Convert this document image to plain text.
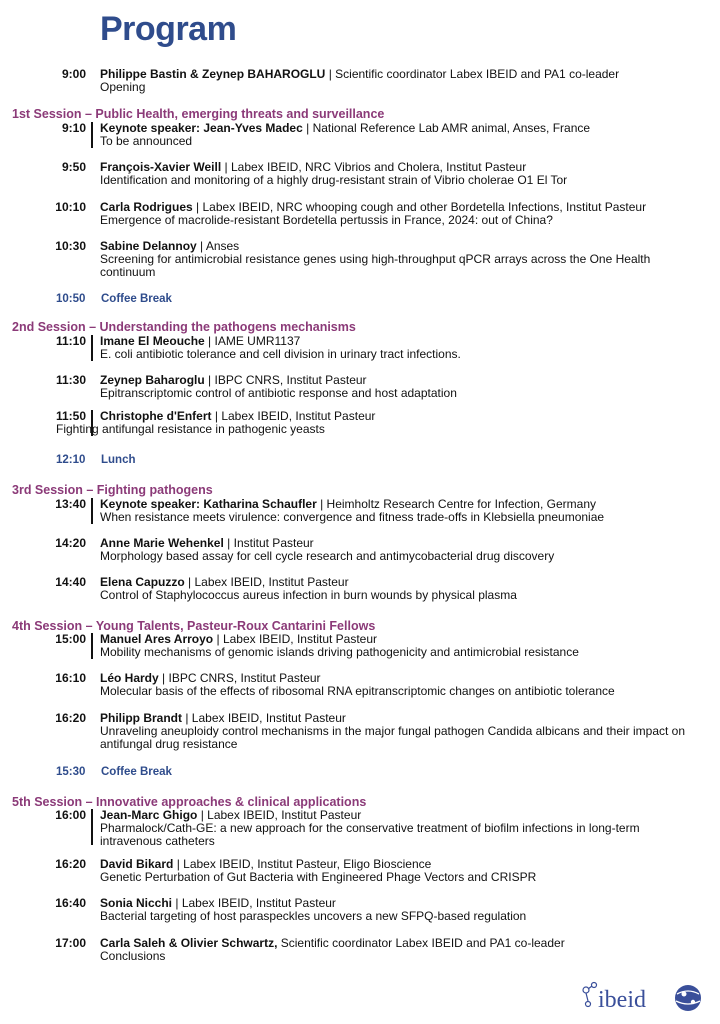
Program
9:00 Philippe Bastin & Zeynep BAHAROGLU | Scientific coordinator Labex IBEID and PA1 co-leader
Opening

1st Session – Public Health, emerging threats and surveillance

9:10 Keynote speaker: Jean-Yves Madec | National Reference Lab AMR animal, Anses, France
To be announced
9:50 François-Xavier Weill | Labex IBEID, NRC Vibrios and Cholera, Institut Pasteur
Identification and monitoring of a highly drug-resistant strain of Vibrio cholerae O1 El Tor
10:10 Carla Rodrigues | Labex IBEID, NRC whooping cough and other Bordetella Infections, Institut Pasteur
Emergence of macrolide-resistant Bordetella pertussis in France, 2024: out of China?
10:30 Sabine Delannoy | Anses
Screening for antimicrobial resistance genes using high-throughput qPCR arrays across the One Health continuum
10:50 Coffee Break

2nd Session – Understanding the pathogens mechanisms

11:10 Imane El Meouche | IAME UMR1137
E. coli antibiotic tolerance and cell division in urinary tract infections.
11:30 Zeynep Baharoglu | IBPC CNRS, Institut Pasteur
Epitranscriptomic control of antibiotic response and host adaptation
11:50 Christophe d'Enfert | Labex IBEID, Institut Pasteur
Fighting antifungal resistance in pathogenic yeasts
12:10 Lunch

3rd Session – Fighting pathogens

13:40 Keynote speaker: Katharina Schaufler | Heimholtz Research Centre for Infection, Germany
When resistance meets virulence: convergence and fitness trade-offs in Klebsiella pneumoniae
14:20 Anne Marie Wehenkel | Institut Pasteur
Morphology based assay for cell cycle research and antimycobacterial drug discovery
14:40 Elena Capuzzo | Labex IBEID, Institut Pasteur
Control of Staphylococcus aureus infection in burn wounds by physical plasma

4th Session – Young Talents, Pasteur-Roux Cantarini Fellows

15:00 Manuel Ares Arroyo | Labex IBEID, Institut Pasteur
Mobility mechanisms of genomic islands driving pathogenicity and antimicrobial resistance
16:10 Léo Hardy | IBPC CNRS, Institut Pasteur
Molecular basis of the effects of ribosomal RNA epitranscriptomic changes on antibiotic tolerance
16:20 Philipp Brandt | Labex IBEID, Institut Pasteur
Unraveling aneuploidy control mechanisms in the major fungal pathogen Candida albicans and their impact on antifungal drug resistance
15:30 Coffee Break

5th Session – Innovative approaches & clinical applications

16:00 Jean-Marc Ghigo | Labex IBEID, Institut Pasteur
Pharmalock/Cath-GE: a new approach for the conservative treatment of biofilm infections in long-term intravenous catheters
16:20 David Bikard | Labex IBEID, Institut Pasteur, Eligo Bioscience
Genetic Perturbation of Gut Bacteria with Engineered Phage Vectors and CRISPR
16:40 Sonia Nicchi | Labex IBEID, Institut Pasteur
Bacterial targeting of host paraspeckles uncovers a new SFPQ-based regulation
17:00 Carla Saleh & Olivier Schwartz, Scientific coordinator Labex IBEID and PA1 co-leader
Conclusions
ibeid
